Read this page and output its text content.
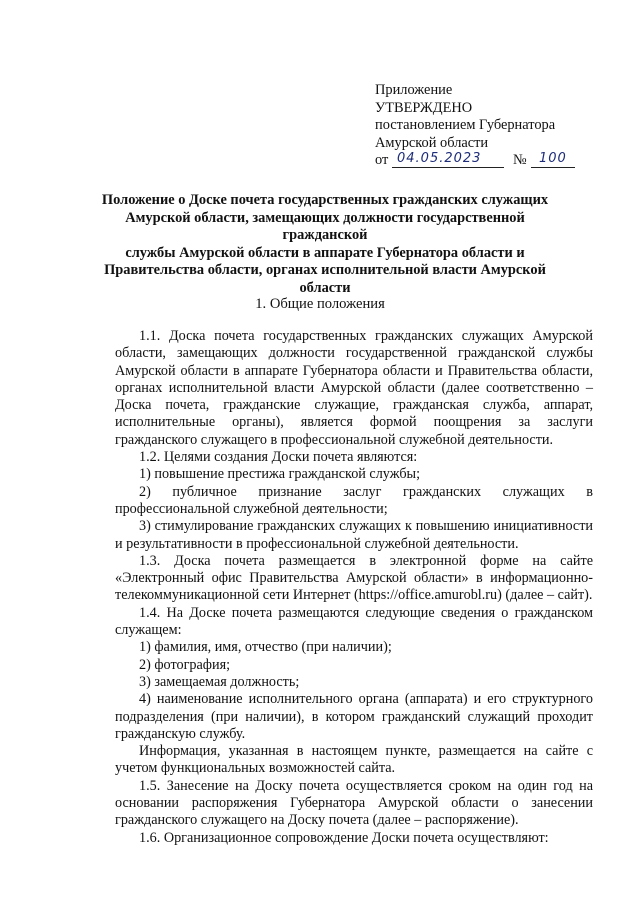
Приложение
УТВЕРЖДЕНО
постановлением Губернатора
Амурской области
от 04.05.2023 № 100
Положение о Доске почета государственных гражданских служащих
Амурской области, замещающих должности государственной гражданской
службы Амурской области в аппарате Губернатора области и
Правительства области, органах исполнительной власти Амурской
области
1. Общие положения

1.1. Доска почета государственных гражданских служащих Амурской области, замещающих должности государственной гражданской службы Амурской области в аппарате Губернатора области и Правительства области, органах исполнительной власти Амурской области (далее соответственно – Доска почета, гражданские служащие, гражданская служба, аппарат, исполнительные органы), является формой поощрения за заслуги гражданского служащего в профессиональной служебной деятельности.

1.2. Целями создания Доски почета являются:

1) повышение престижа гражданской службы;

2) публичное признание заслуг гражданских служащих в профессиональной служебной деятельности;

3) стимулирование гражданских служащих к повышению инициативности и результативности в профессиональной служебной деятельности.

1.3. Доска почета размещается в электронной форме на сайте «Электронный офис Правительства Амурской области» в информационно-телекоммуникационной сети Интернет (https://office.amurobl.ru) (далее – сайт).

1.4. На Доске почета размещаются следующие сведения о гражданском служащем:

1) фамилия, имя, отчество (при наличии);

2) фотография;

3) замещаемая должность;

4) наименование исполнительного органа (аппарата) и его структурного подразделения (при наличии), в котором гражданский служащий проходит гражданскую службу.

Информация, указанная в настоящем пункте, размещается на сайте с учетом функциональных возможностей сайта.

1.5. Занесение на Доску почета осуществляется сроком на один год на основании распоряжения Губернатора Амурской области о занесении гражданского служащего на Доску почета (далее – распоряжение).

1.6. Организационное сопровождение Доски почета осуществляют:
